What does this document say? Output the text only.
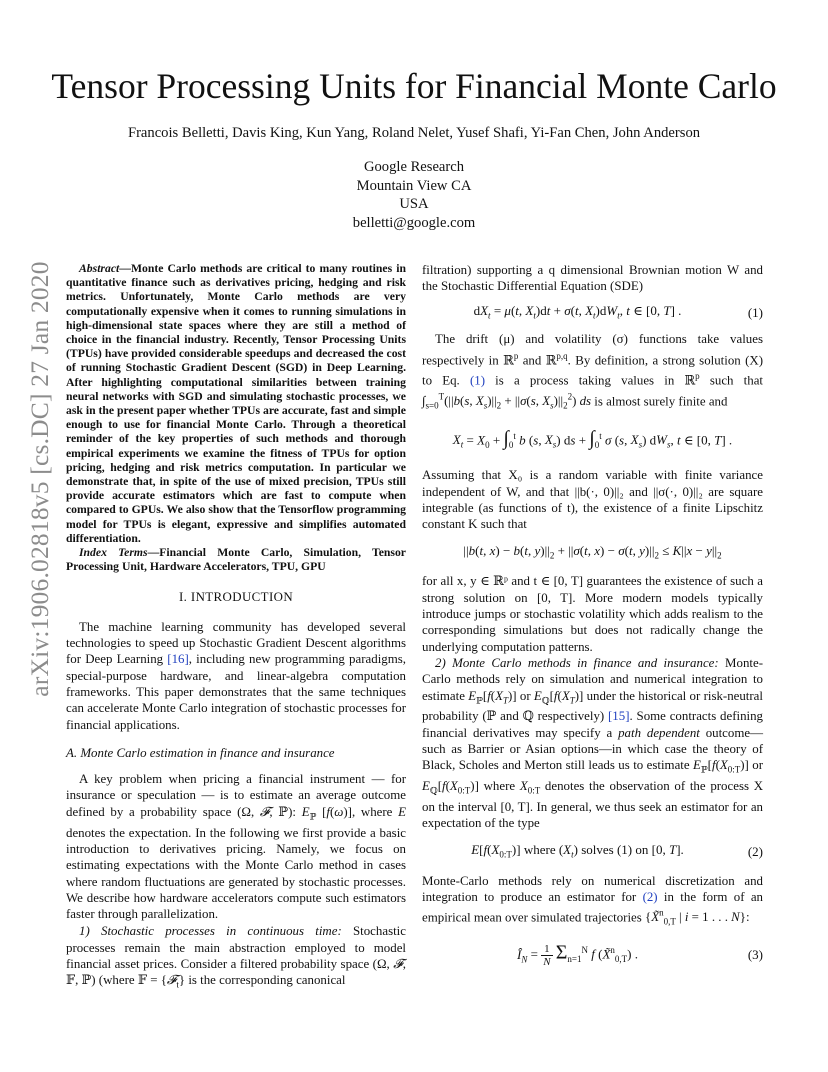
arXiv:1906.02818v5 [cs.DC] 27 Jan 2020
Tensor Processing Units for Financial Monte Carlo
Francois Belletti, Davis King, Kun Yang, Roland Nelet, Yusef Shafi, Yi-Fan Chen, John Anderson
Google Research
Mountain View CA
USA
belletti@google.com

Abstract—Monte Carlo methods are critical to many routines in quantitative finance such as derivatives pricing, hedging and risk metrics. Unfortunately, Monte Carlo methods are very computationally expensive when it comes to running simulations in high-dimensional state spaces where they are still a method of choice in the financial industry. Recently, Tensor Processing Units (TPUs) have provided considerable speedups and decreased the cost of running Stochastic Gradient Descent (SGD) in Deep Learning. After highlighting computational similarities between training neural networks with SGD and simulating stochastic processes, we ask in the present paper whether TPUs are accurate, fast and simple enough to use for financial Monte Carlo. Through a theoretical reminder of the key properties of such methods and thorough empirical experiments we examine the fitness of TPUs for option pricing, hedging and risk metrics computation. In particular we demonstrate that, in spite of the use of mixed precision, TPUs still provide accurate estimators which are fast to compute when compared to GPUs. We also show that the Tensorflow programming model for TPUs is elegant, expressive and simplifies automated differentiation.

Index Terms—Financial Monte Carlo, Simulation, Tensor Processing Unit, Hardware Accelerators, TPU, GPU

I. INTRODUCTION

The machine learning community has developed several technologies to speed up Stochastic Gradient Descent algorithms for Deep Learning [16], including new programming paradigms, special-purpose hardware, and linear-algebra computation frameworks. This paper demonstrates that the same techniques can accelerate Monte Carlo integration of stochastic processes for financial applications.

A. Monte Carlo estimation in finance and insurance

A key problem when pricing a financial instrument — for insurance or speculation — is to estimate an average outcome defined by a probability space (Ω, 𝓕, ℙ): $E_ℙ$ [f(ω)], where E denotes the expectation. In the following we first provide a basic introduction to derivatives pricing. Namely, we focus on estimating expectations with the Monte Carlo method in cases where random fluctuations are generated by stochastic processes. We describe how hardware accelerators compute such estimators faster through parallelization.

1) Stochastic processes in continuous time: Stochastic processes remain the main abstraction employed to model financial asset prices. Consider a filtered probability space (Ω, 𝓕, 𝔽, ℙ) (where 𝔽 = {𝓕$_t$} is the corresponding canonical

filtration) supporting a q dimensional Brownian motion W and the Stochastic Differential Equation (SDE)

$dX_t = \mu(t$, $X_t)dt + \sigma(t$, $X_t)dW_t$, t ∈ [0, T] .	(1)

The drift (μ) and volatility (σ) functions take values respectively in ℝ$^p$ and ℝ$^{p,q}$. By definition, a strong solution (X) to Eq. (1) is a process taking values in ℝ$^p$ such that $\int_{s=0}^T(||b(s$, $X_s)||_2 + ||\sigma(s$, $X_s)||_2^2$) ds is almost surely finite and

$X_t = X_0 + \int_0^t$ b (s, $X_s$) ds + $\int_0^t$ σ (s, $X_s$) $dW_s$, t ∈ [0, T] .

Assuming that X₀ is a random variable with finite variance independent of W, and that ||b(·, 0)||₂ and ||σ(·, 0)||₂ are square integrable (as functions of t), the existence of a finite Lipschitz constant K such that

||b(t, x) − b(t, $y)||_2 + ||\sigma(t$, x) − σ(t, $y)||_2 \le K||x - y||_2$

for all x, y ∈ ℝᵖ and t ∈ [0, T] guarantees the existence of such a strong solution on [0, T]. More modern models typically introduce jumps or stochastic volatility which adds realism to the corresponding simulations but does not radically change the underlying computation patterns.

2) Monte Carlo methods in finance and insurance: Monte-Carlo methods rely on simulation and numerical integration to estimate $E_ℙ[f(X_T)]$ or $E_ℚ[f(X_T)]$ under the historical or risk-neutral probability (ℙ and ℚ respectively) [15]. Some contracts defining financial derivatives may specify a path dependent outcome—such as Barrier or Asian options—in which case the theory of Black, Scholes and Merton still leads us to estimate $E_ℙ[f(X_{0:T})]$ or $E_ℚ[f(X_{0:T})]$ where $X_{0:T}$ denotes the observation of the process X on the interval [0, T]. In general, we thus seek an estimator for an expectation of the type

$E[f(X_{0:T})]$ where $(X_t)$ solves (1) on [0, T].	(2)

Monte-Carlo methods rely on numerical discretization and integration to produce an estimator for (2) in the form of an empirical mean over simulated trajectories {X̃$^n_{0,T}$ | i = 1 . . . N}:

$Î_N = 1$
N $\Sigma_{n=1}^N$ f (X̃$^n_{0,T}$) .	(3)
